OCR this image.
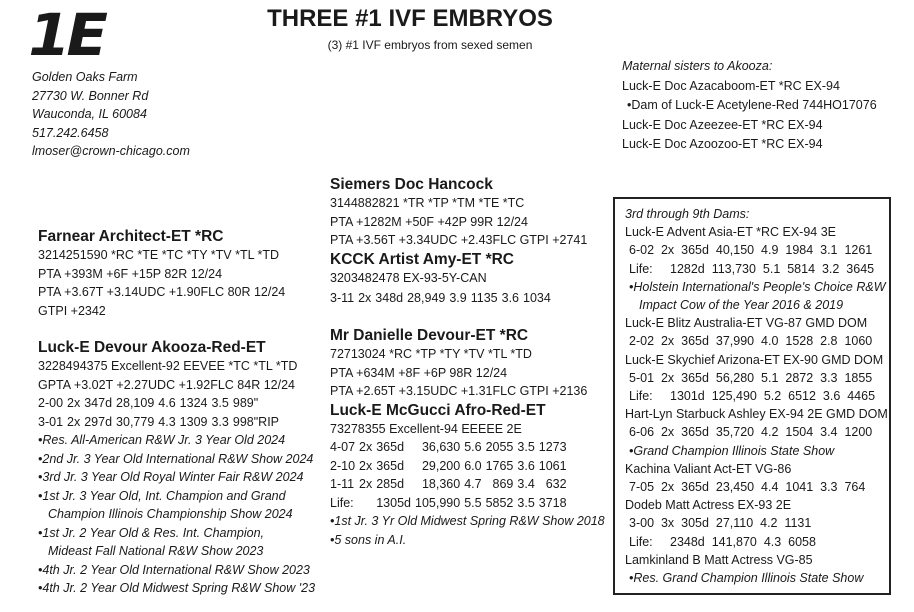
1E
Golden Oaks Farm
27730 W. Bonner Rd
Wauconda, IL 60084
517.242.6458
lmoser@crown-chicago.com
THREE #1 IVF EMBRYOS
(3) #1 IVF embryos from sexed semen
Maternal sisters to Akooza:
Luck-E Doc Azacaboom-ET *RC EX-94
•Dam of Luck-E Acetylene-Red 744HO17076
Luck-E Doc Azeezee-ET *RC EX-94
Luck-E Doc Azoozoo-ET *RC EX-94
Siemers Doc Hancock
3144882821 *TR *TP *TM *TE *TC
PTA +1282M +50F +42P 99R 12/24
PTA +3.56T +3.34UDC +2.43FLC GTPI +2741
KCCK Artist Amy-ET *RC
3203482478 EX-93-5Y-CAN
3-11	2x	348d	28,949	3.9	1135	3.6	1034
Farnear Architect-ET *RC
3214251590 *RC *TE *TC *TY *TV *TL *TD
PTA +393M +6F +15P 82R 12/24
PTA +3.67T +3.14UDC +1.90FLC 80R 12/24
GTPI +2342
Luck-E Devour Akooza-Red-ET
3228494375 Excellent-92 EEVEE *TC *TL *TD
GPTA +3.02T +2.27UDC +1.92FLC 84R 12/24
2-00	2x	347d	28,109	4.6	1324	3.5	989"
3-01	2x	297d	30,779	4.3	1309	3.3	998"RIP
•Res. All-American R&W Jr. 3 Year Old 2024
•2nd Jr. 3 Year Old International R&W Show 2024
•3rd Jr. 3 Year Old Royal Winter Fair R&W 2024
•1st Jr. 3 Year Old, Int. Champion and Grand
Champion Illinois Championship Show 2024
•1st Jr. 2 Year Old & Res. Int. Champion,
Mideast Fall National R&W Show 2023
•4th Jr. 2 Year Old International R&W Show 2023
•4th Jr. 2 Year Old Midwest Spring R&W Show '23
Mr Danielle Devour-ET *RC
72713024 *RC *TP *TY *TV *TL *TD
PTA +634M +8F +6P 98R 12/24
PTA +2.65T +3.15UDC +1.31FLC GTPI +2136
Luck-E McGucci Afro-Red-ET
73278355 Excellent-94 EEEEE 2E
4-07	2x	365d	36,630	5.6	2055	3.5	1273
2-10	2x	365d	29,200	6.0	1765	3.6	1061
1-11	2x	285d	18,360	4.7	869	3.4	632
Life:		1305d	105,990	5.5	5852	3.5	3718
•1st Jr. 3 Yr Old Midwest Spring R&W Show 2018
•5 sons in A.I.
3rd through 9th Dams:
Luck-E Advent Asia-ET *RC EX-94 3E
6-02  2x  365d  40,150  4.9  1984  3.1  1261
Life:     1282d  113,730  5.1  5814  3.2  3645
•Holstein International's People's Choice R&W
Impact Cow of the Year 2016 & 2019
Luck-E Blitz Australia-ET VG-87 GMD DOM
2-02  2x  365d  37,990  4.0  1528  2.8  1060
Luck-E Skychief Arizona-ET EX-90 GMD DOM
5-01  2x  365d  56,280  5.1  2872  3.3  1855
Life:     1301d  125,490  5.2  6512  3.6  4465
Hart-Lyn Starbuck Ashley EX-94 2E GMD DOM
6-06  2x  365d  35,720  4.2  1504  3.4  1200
•Grand Champion Illinois State Show
Kachina Valiant Act-ET VG-86
7-05  2x  365d  23,450  4.4  1041  3.3  764
Dodeb Matt Actress EX-93 2E
3-00  3x  305d  27,110  4.2  1131
Life:     2348d  141,870  4.3  6058
Lamkinland B Matt Actress VG-85
•Res. Grand Champion Illinois State Show
